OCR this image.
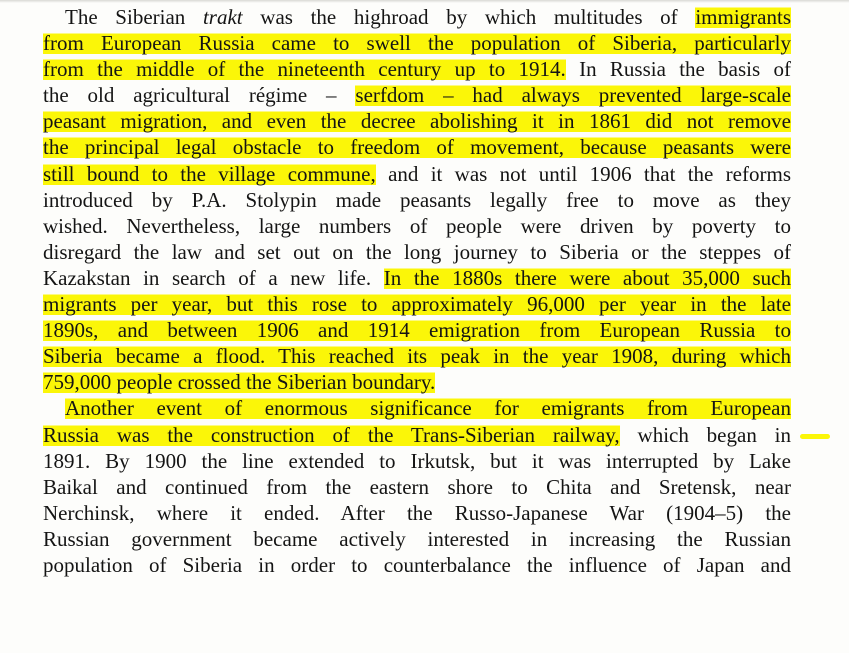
The Siberian trakt was the highroad by which multitudes of immigrants
from European Russia came to swell the population of Siberia, particularly
from the middle of the nineteenth century up to 1914. In Russia the basis of
the old agricultural régime – serfdom – had always prevented large-scale
peasant migration, and even the decree abolishing it in 1861 did not remove
the principal legal obstacle to freedom of movement, because peasants were
still bound to the village commune, and it was not until 1906 that the reforms
introduced by P.A. Stolypin made peasants legally free to move as they
wished. Nevertheless, large numbers of people were driven by poverty to
disregard the law and set out on the long journey to Siberia or the steppes of
Kazakstan in search of a new life. In the 1880s there were about 35,000 such
migrants per year, but this rose to approximately 96,000 per year in the late
1890s, and between 1906 and 1914 emigration from European Russia to
Siberia became a flood. This reached its peak in the year 1908, during which
759,000 people crossed the Siberian boundary.
Another event of enormous significance for emigrants from European
Russia was the construction of the Trans-Siberian railway, which began in
1891. By 1900 the line extended to Irkutsk, but it was interrupted by Lake
Baikal and continued from the eastern shore to Chita and Sretensk, near
Nerchinsk, where it ended. After the Russo-Japanese War (1904–5) the
Russian government became actively interested in increasing the Russian
population of Siberia in order to counterbalance the influence of Japan and
